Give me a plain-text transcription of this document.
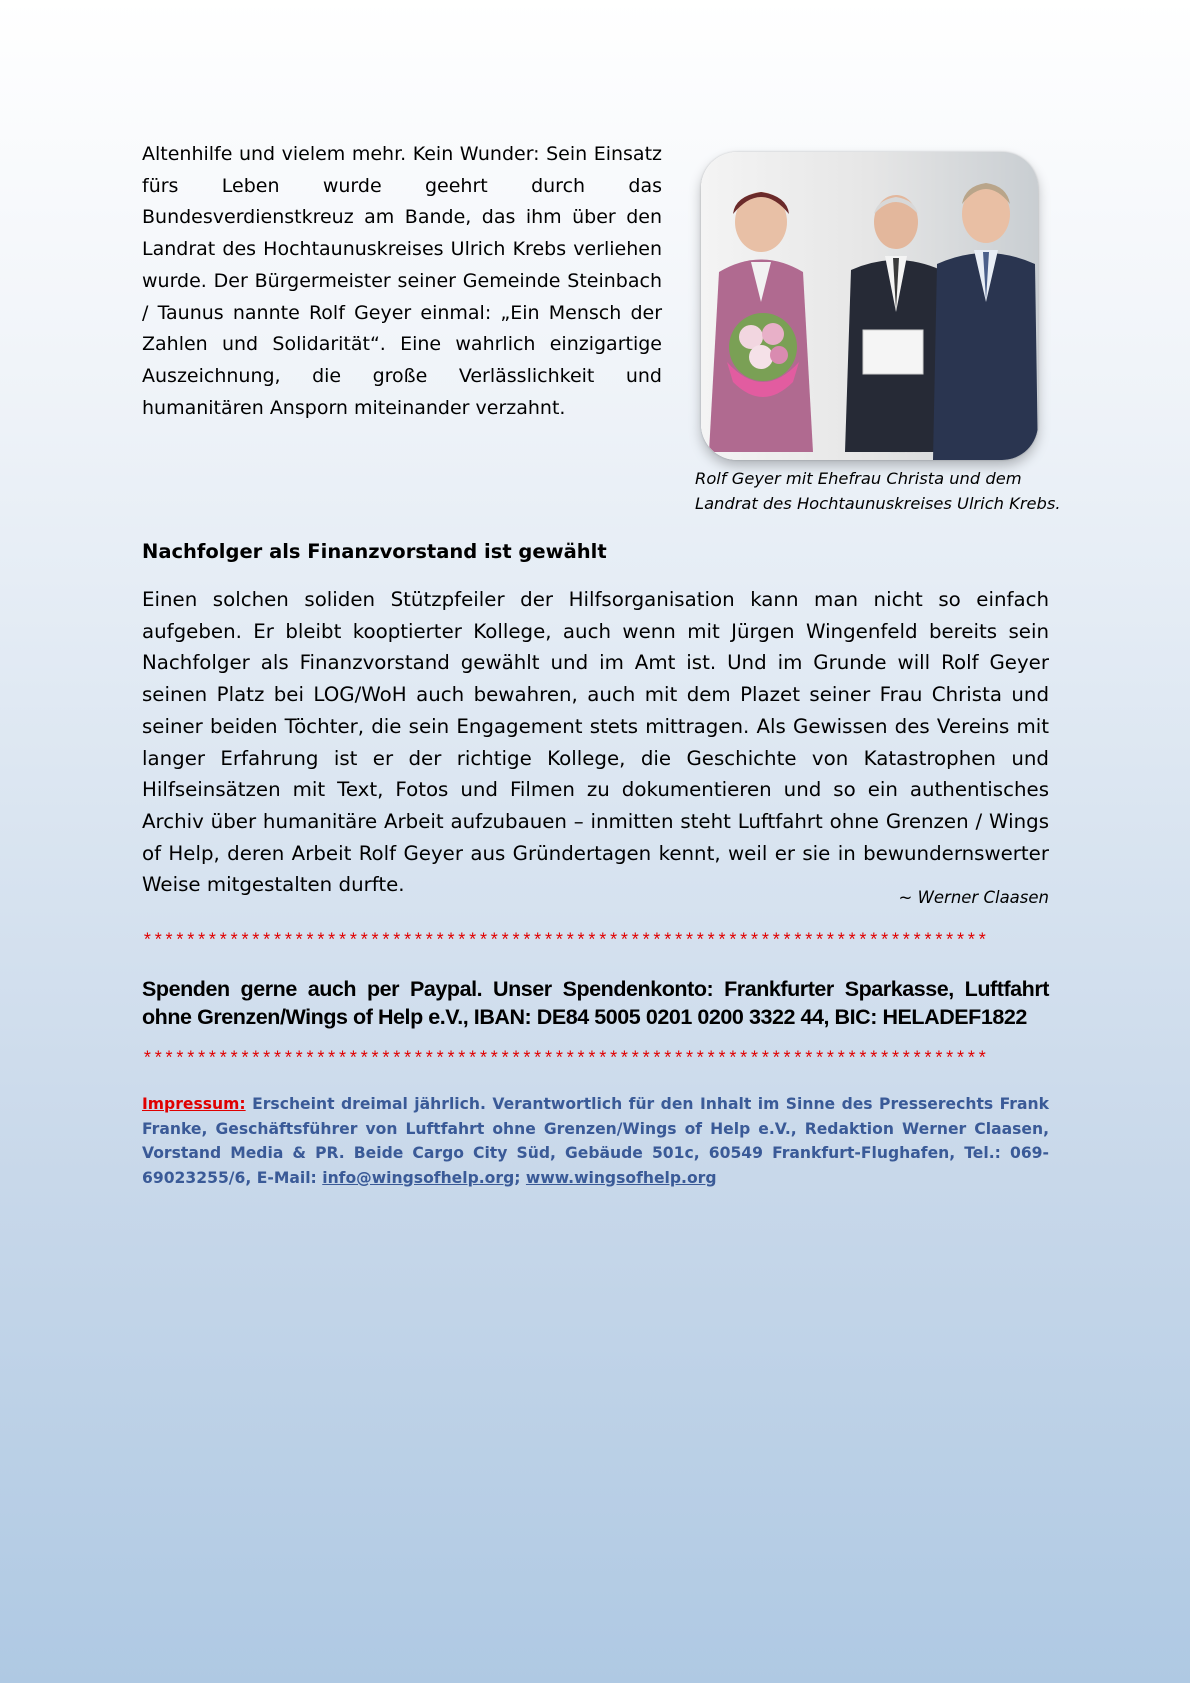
Altenhilfe und vielem mehr. Kein Wunder: Sein Einsatz fürs Leben wurde geehrt durch das Bundesverdienstkreuz am Bande, das ihm über den Landrat des Hochtaunuskreises Ulrich Krebs verliehen wurde. Der Bürgermeister seiner Gemeinde Steinbach / Taunus nannte Rolf Geyer einmal: „Ein Mensch der Zahlen und Solidarität“. Eine wahrlich einzigartige Auszeichnung, die große Verlässlichkeit und humanitären Ansporn miteinander verzahnt.

Rolf Geyer mit Ehefrau Christa und dem
Landrat des Hochtaunuskreises Ulrich Krebs.

Nachfolger als Finanzvorstand ist gewählt

Einen solchen soliden Stützpfeiler der Hilfsorganisation kann man nicht so einfach aufgeben. Er bleibt kooptierter Kollege, auch wenn mit Jürgen Wingenfeld bereits sein Nachfolger als Finanzvorstand gewählt und im Amt ist. Und im Grunde will Rolf Geyer seinen Platz bei LOG/WoH auch bewahren, auch mit dem Plazet seiner Frau Christa und seiner beiden Töchter, die sein Engagement stets mittragen. Als Gewissen des Vereins mit langer Erfahrung ist er der richtige Kollege, die Geschichte von Katastrophen und Hilfseinsätzen mit Text, Fotos und Filmen zu dokumentieren und so ein authentisches Archiv über humanitäre Arbeit aufzubauen – inmitten steht Luftfahrt ohne Grenzen / Wings of Help, deren Arbeit Rolf Geyer aus Gründertagen kennt, weil er sie in bewundernswerter Weise mitgestalten durfte.

~ Werner Claasen

******************************************************************************

Spenden gerne auch per Paypal. Unser Spendenkonto: Frankfurter Sparkasse, Luftfahrt ohne Grenzen/Wings of Help e.V., IBAN: DE84 5005 0201 0200 3322 44, BIC: HELADEF1822

******************************************************************************

Impressum: Erscheint dreimal jährlich. Verantwortlich für den Inhalt im Sinne des Presserechts Frank Franke, Geschäftsführer von Luftfahrt ohne Grenzen/Wings of Help e.V., Redaktion Werner Claasen, Vorstand Media & PR. Beide Cargo City Süd, Gebäude 501c, 60549 Frankfurt-Flughafen, Tel.: 069-69023255/6, E-Mail: info@wingsofhelp.org; www.wingsofhelp.org
